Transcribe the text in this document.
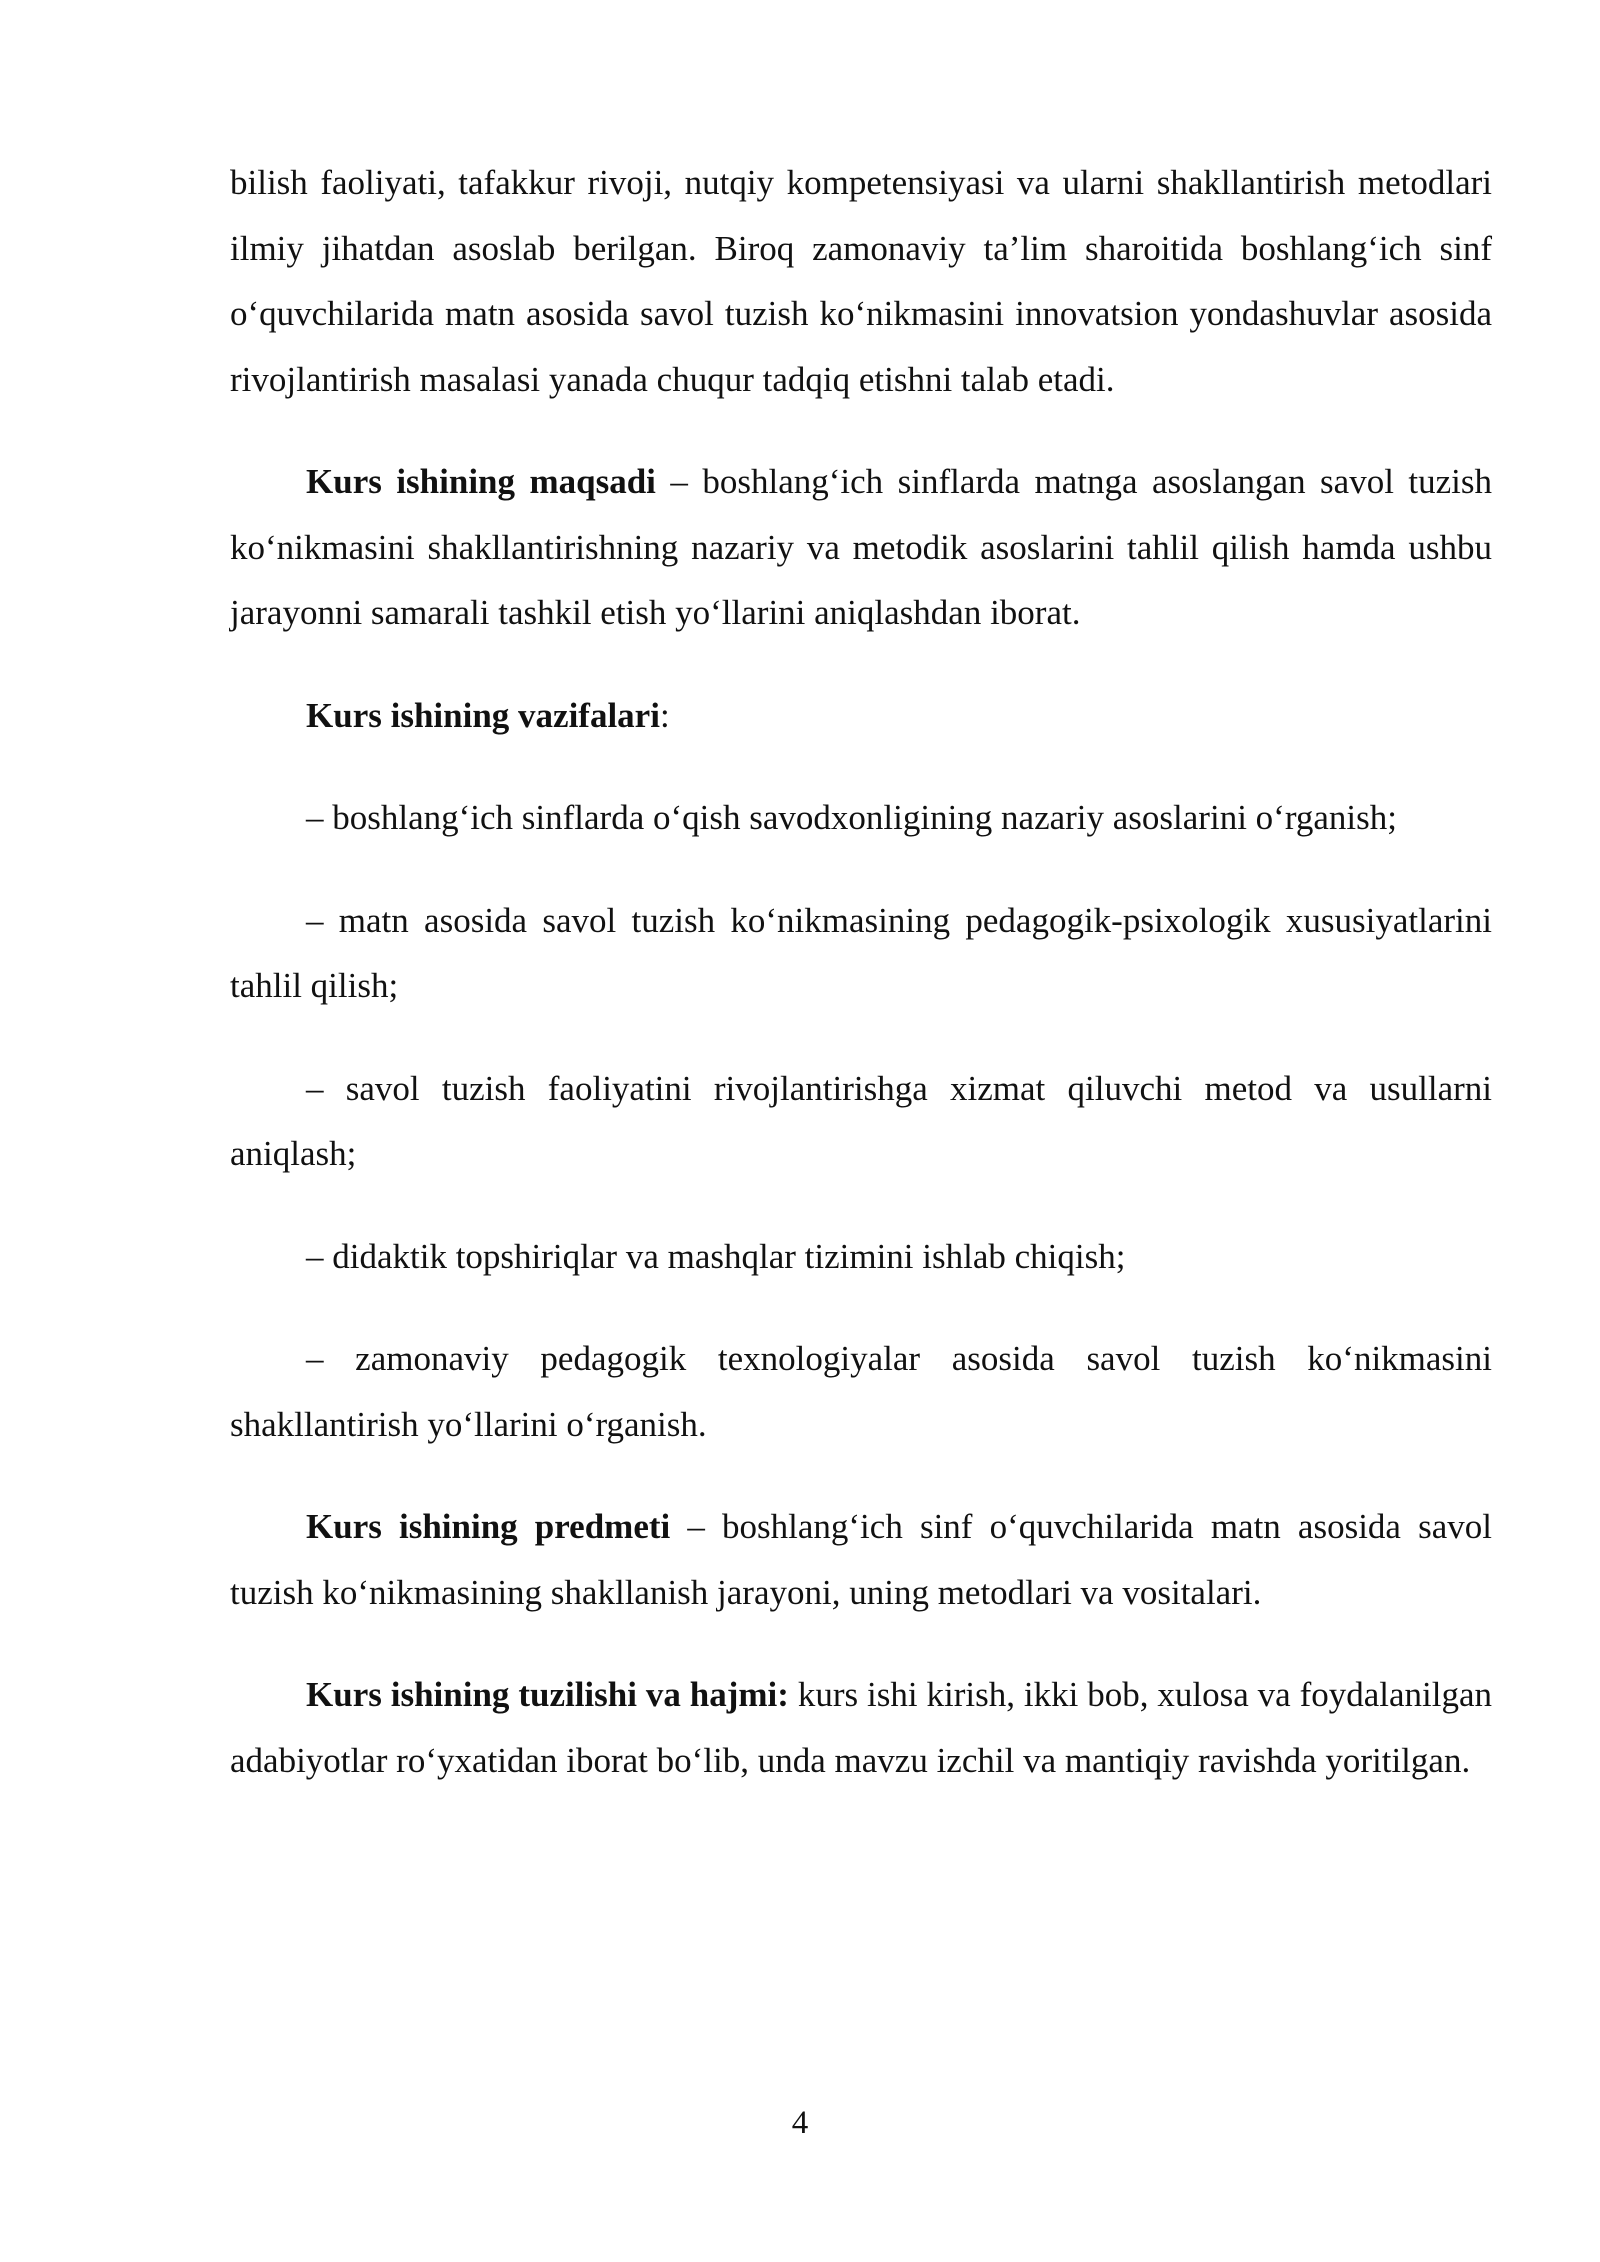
bilish faoliyati, tafakkur rivoji, nutqiy kompetensiyasi va ularni shakllantirish metodlari ilmiy jihatdan asoslab berilgan. Biroq zamonaviy ta’lim sharoitida boshlang‘ich sinf o‘quvchilarida matn asosida savol tuzish ko‘nikmasini innovatsion yondashuvlar asosida rivojlantirish masalasi yanada chuqur tadqiq etishni talab etadi.

Kurs ishining maqsadi – boshlang‘ich sinflarda matnga asoslangan savol tuzish ko‘nikmasini shakllantirishning nazariy va metodik asoslarini tahlil qilish hamda ushbu jarayonni samarali tashkil etish yo‘llarini aniqlashdan iborat.

Kurs ishining vazifalari:

– boshlang‘ich sinflarda o‘qish savodxonligining nazariy asoslarini o‘rganish;

– matn asosida savol tuzish ko‘nikmasining pedagogik-psixologik xususiyatlarini tahlil qilish;

– savol tuzish faoliyatini rivojlantirishga xizmat qiluvchi metod va usullarni aniqlash;

– didaktik topshiriqlar va mashqlar tizimini ishlab chiqish;

– zamonaviy pedagogik texnologiyalar asosida savol tuzish ko‘nikmasini shakllantirish yo‘llarini o‘rganish.

Kurs ishining predmeti – boshlang‘ich sinf o‘quvchilarida matn asosida savol tuzish ko‘nikmasining shakllanish jarayoni, uning metodlari va vositalari.

Kurs ishining tuzilishi va hajmi: kurs ishi kirish, ikki bob, xulosa va foydalanilgan adabiyotlar ro‘yxatidan iborat bo‘lib, unda mavzu izchil va mantiqiy ravishda yoritilgan.

4
